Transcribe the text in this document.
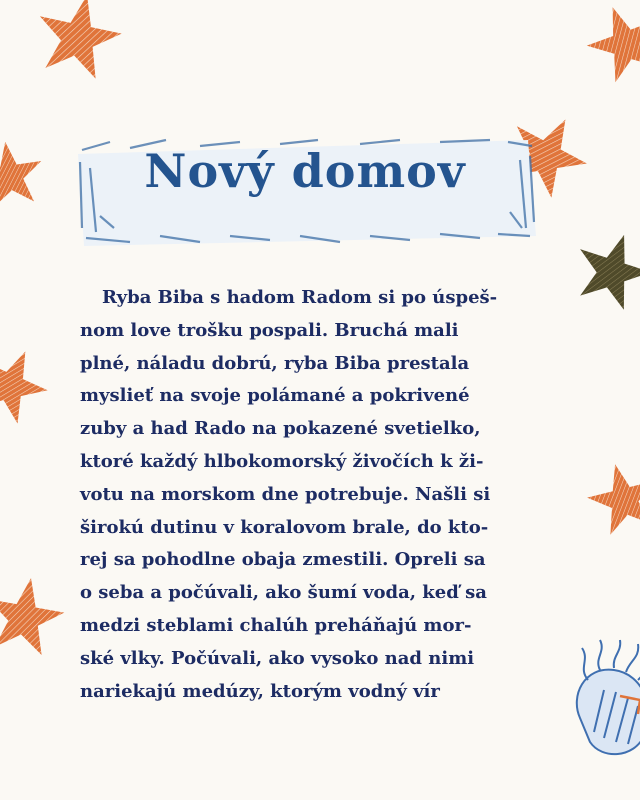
Nový domov
Ryba Biba s hadom Radom si po úspeš-
nom love trošku pospali. Bruchá mali
plné, náladu dobrú, ryba Biba prestala
myslieť na svoje polámané a pokrivené
zuby a had Rado na pokazené svetielko,
ktoré každý hlbokomorský živočích k ži-
votu na morskom dne potrebuje. Našli si
širokú dutinu v koralovom brale, do kto-
rej sa pohodlne obaja zmestili. Opreli sa
o seba a počúvali, ako šumí voda, keď sa
medzi steblami chalúh preháňajú mor-
ské vlky. Počúvali, ako vysoko nad nimi
nariekajú medúzy, ktorým vodný vír
